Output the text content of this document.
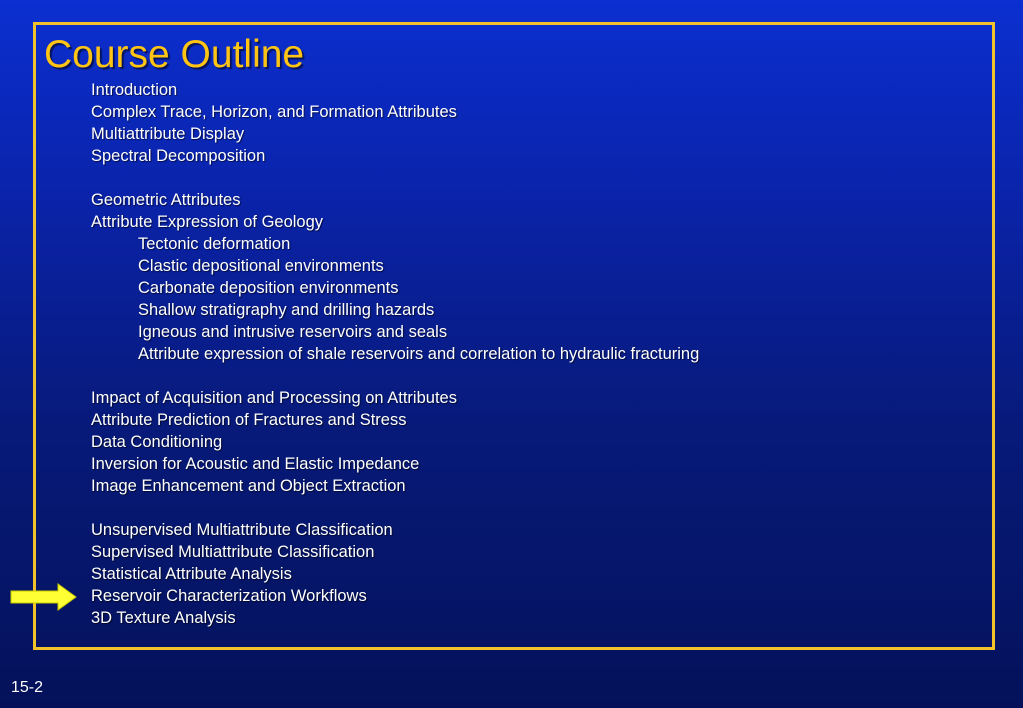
Course Outline
Introduction
Complex Trace, Horizon, and Formation Attributes
Multiattribute Display
Spectral Decomposition
Geometric Attributes
Attribute Expression of Geology
Tectonic deformation
Clastic depositional environments
Carbonate deposition environments
Shallow stratigraphy and drilling hazards
Igneous and intrusive reservoirs and seals
Attribute expression of shale reservoirs and correlation to hydraulic fracturing
Impact of Acquisition and Processing on Attributes
Attribute Prediction of Fractures and Stress
Data Conditioning
Inversion for Acoustic and Elastic Impedance
Image Enhancement and Object Extraction
Unsupervised Multiattribute Classification
Supervised Multiattribute Classification
Statistical Attribute Analysis
Reservoir Characterization Workflows
3D Texture Analysis
15-2
